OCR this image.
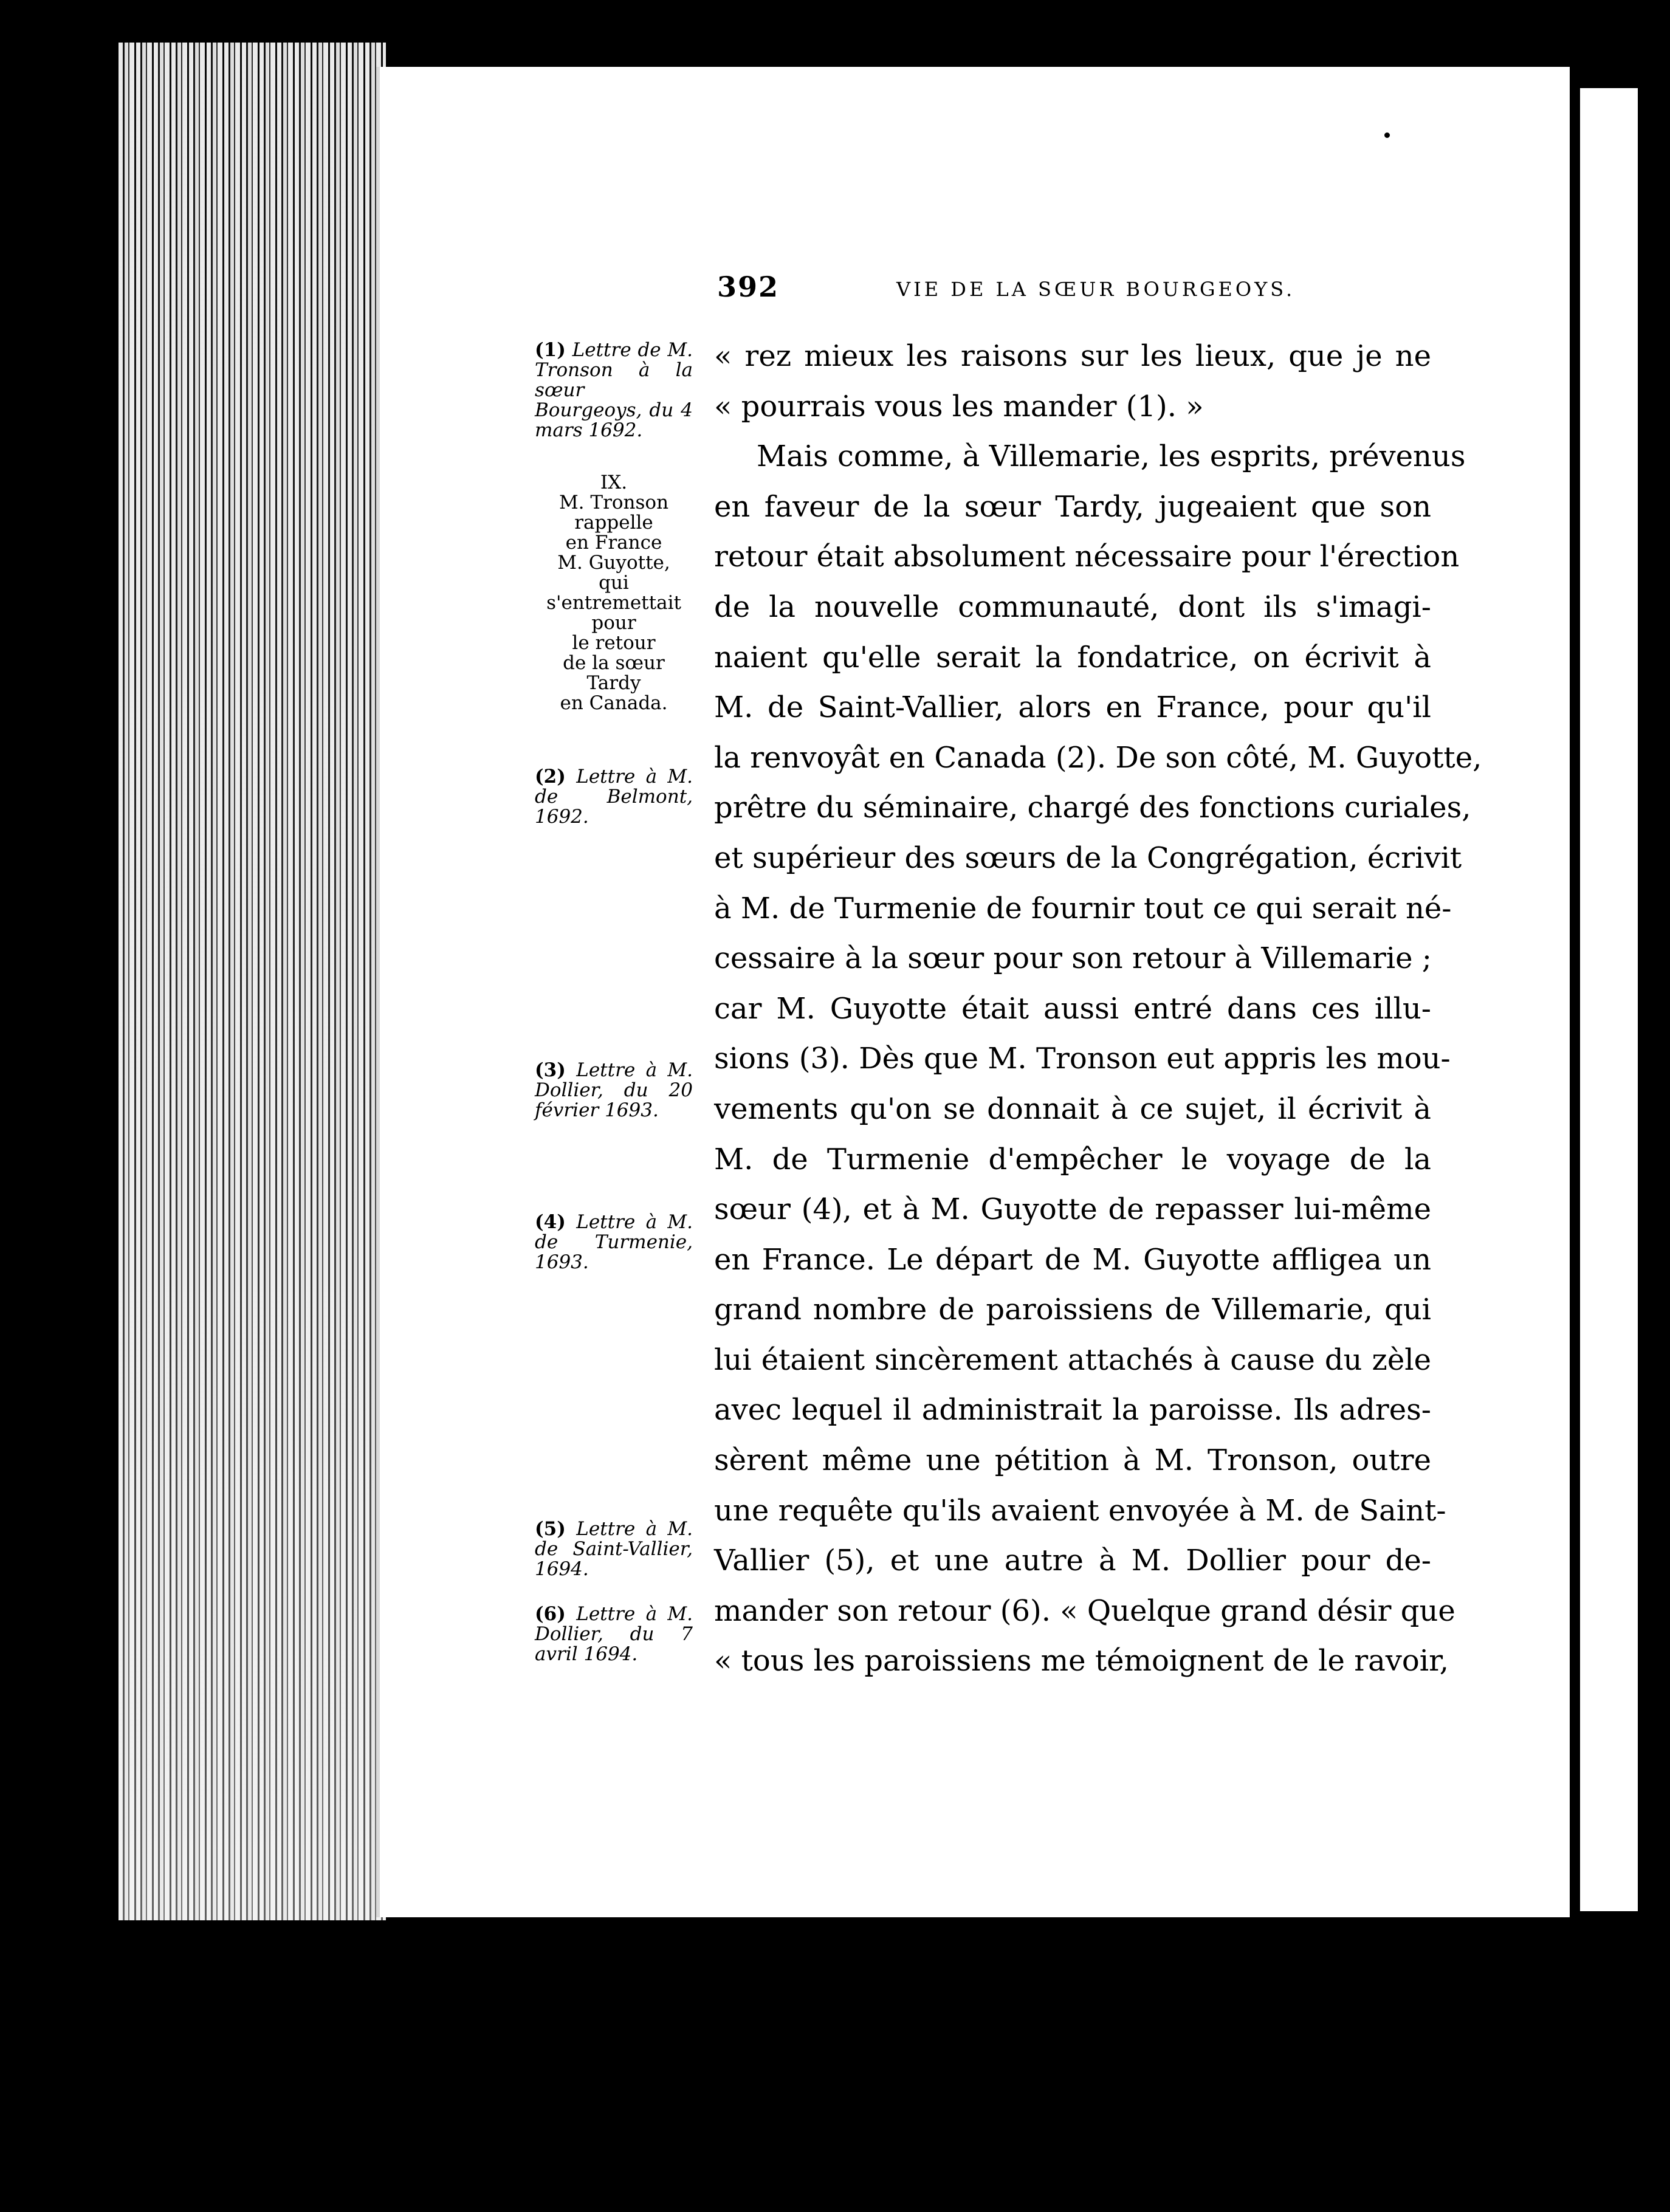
392	VIE DE LA SŒUR BOURGEOYS.

(1) Lettre de M. Tronson à la sœur Bourgeoys, du 4 mars 1692.

IX.
M. Tronson
rappelle
en France
M. Guyotte,
qui
s'entremettait
pour
le retour
de la sœur
Tardy
en Canada.

(2) Lettre à M. de Belmont, 1692.

(3) Lettre à M. Dollier, du 20 février 1693.

(4) Lettre à M. de Turmenie, 1693.

(5) Lettre à M. de Saint-Vallier, 1694.

(6) Lettre à M. Dollier, du 7 avril 1694.

« rez mieux les raisons sur les lieux, que je ne
« pourrais vous les mander (1). »
Mais comme, à Villemarie, les esprits, prévenus
en faveur de la sœur Tardy, jugeaient que son
retour était absolument nécessaire pour l'érection
de la nouvelle communauté, dont ils s'imagi-
naient qu'elle serait la fondatrice, on écrivit à
M. de Saint-Vallier, alors en France, pour qu'il
la renvoyât en Canada (2). De son côté, M. Guyotte,
prêtre du séminaire, chargé des fonctions curiales,
et supérieur des sœurs de la Congrégation, écrivit
à M. de Turmenie de fournir tout ce qui serait né-
cessaire à la sœur pour son retour à Villemarie ;
car M. Guyotte était aussi entré dans ces illu-
sions (3). Dès que M. Tronson eut appris les mou-
vements qu'on se donnait à ce sujet, il écrivit à
M. de Turmenie d'empêcher le voyage de la
sœur (4), et à M. Guyotte de repasser lui-même
en France. Le départ de M. Guyotte affligea un
grand nombre de paroissiens de Villemarie, qui
lui étaient sincèrement attachés à cause du zèle
avec lequel il administrait la paroisse. Ils adres-
sèrent même une pétition à M. Tronson, outre
une requête qu'ils avaient envoyée à M. de Saint-
Vallier (5), et une autre à M. Dollier pour de-
mander son retour (6). « Quelque grand désir que
« tous les paroissiens me témoignent de le ravoir,
